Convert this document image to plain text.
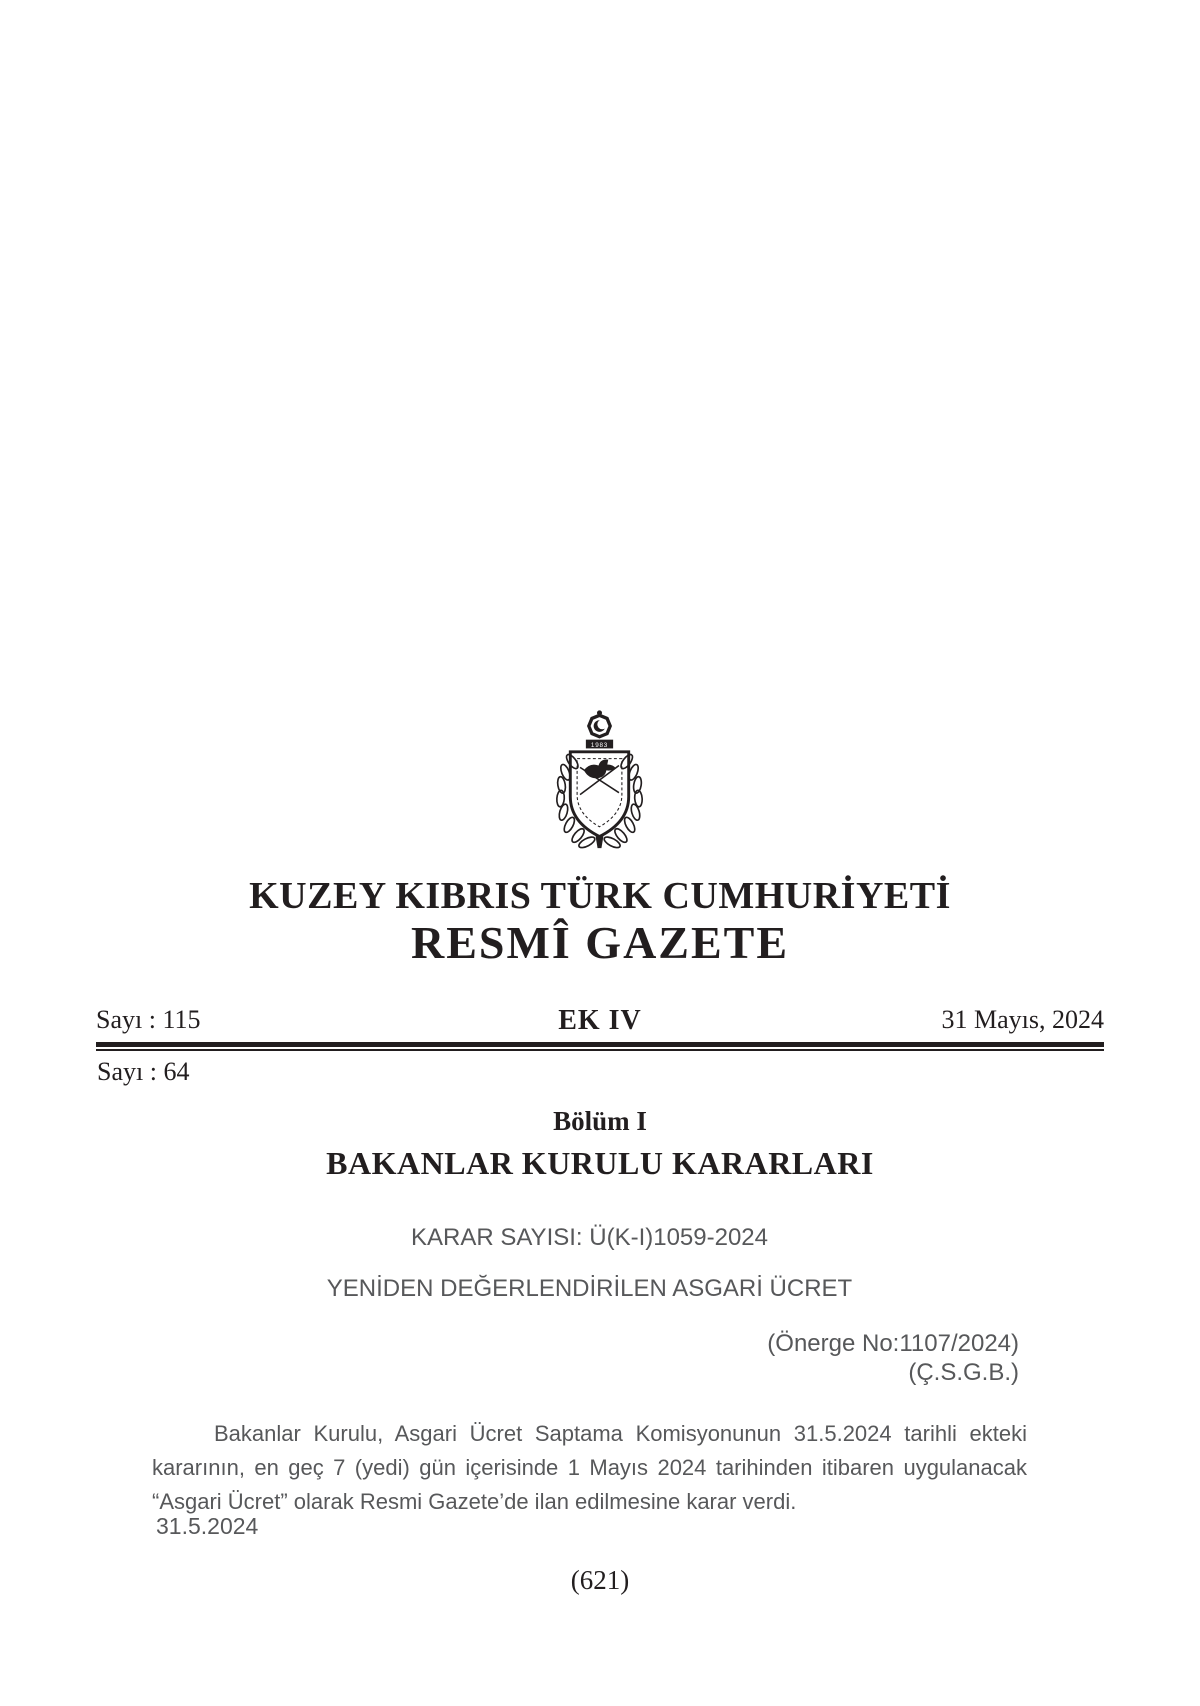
1983
KUZEY KIBRIS TÜRK CUMHURİYETİ
RESMÎ GAZETE
Sayı : 115	EK IV	31 Mayıs, 2024
Sayı : 64
Bölüm I
BAKANLAR KURULU KARARLARI
KARAR SAYISI: Ü(K-I)1059-2024
YENİDEN DEĞERLENDİRİLEN ASGARİ ÜCRET
(Önerge No:1107/2024)
(Ç.S.G.B.)
Bakanlar Kurulu, Asgari Ücret Saptama Komisyonunun 31.5.2024 tarihli ekteki
kararının, en geç 7 (yedi) gün içerisinde 1 Mayıs 2024 tarihinden itibaren uygulanacak
“Asgari Ücret” olarak Resmi Gazete’de ilan edilmesine karar verdi.
31.5.2024
(621)
